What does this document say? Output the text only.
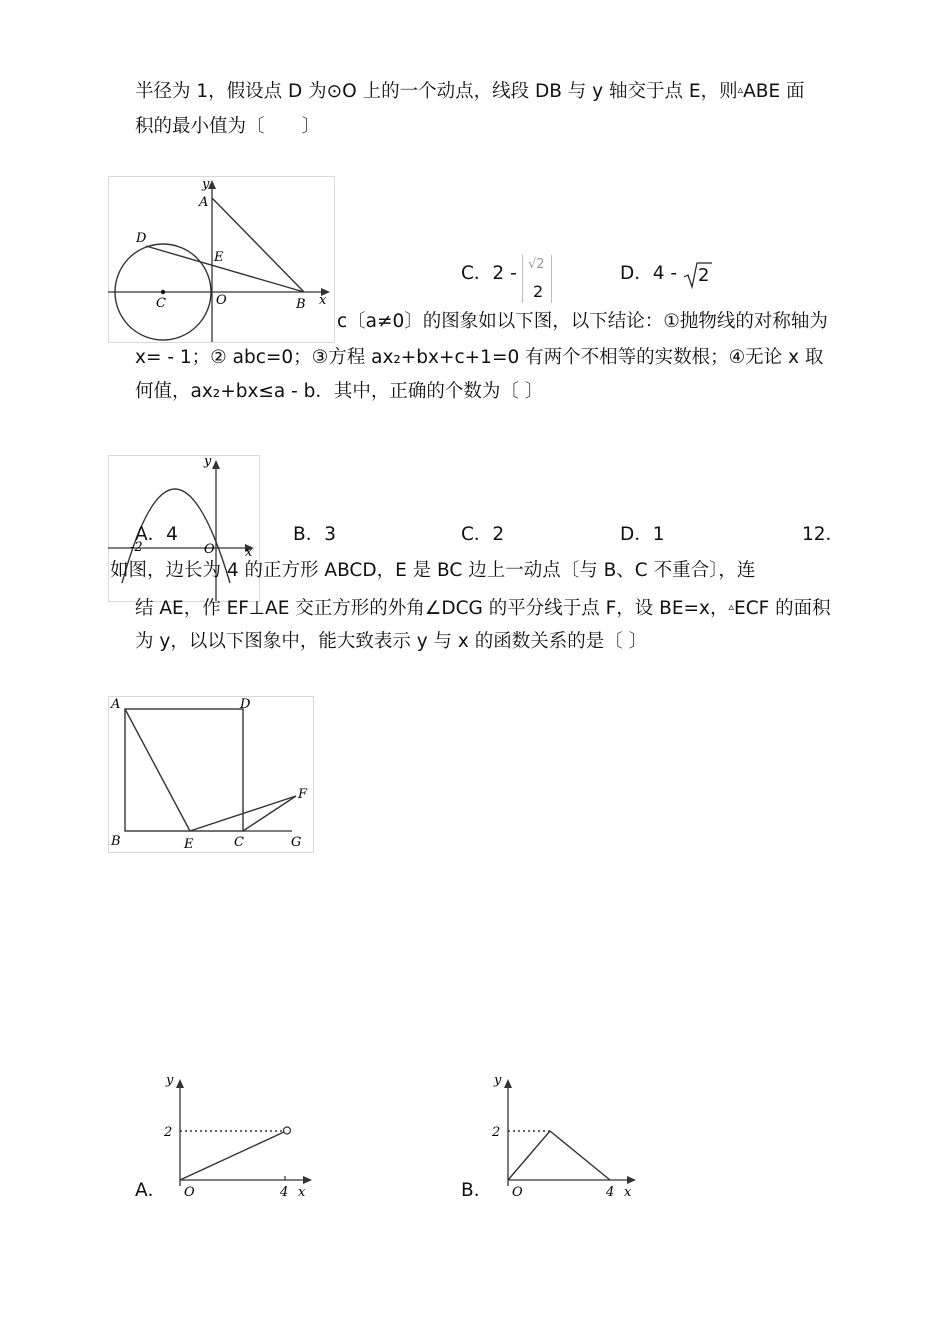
半径为 1，假设点 D 为⊙O 上的一个动点，线段 DB 与 y 轴交于点 E，则▵ABE 面
积的最小值为〔　　〕
y
A
D
E
C	O	B x
C．2 - √2
2
D．4 - 2
c〔a≠0〕的图象如以下图，以下结论：①抛物线的对称轴为
x= - 1；② abc=0；③方程 ax₂+bx+c+1=0 有两个不相等的实数根；④无论 x 取
何值，ax₂+bx≤a - b．其中，正确的个数为〔 〕
y
-2	O x
A．4	B．3	C．2	D．1	12．
如图，边长为 4 的正方形 ABCD，E 是 BC 边上一动点〔与 B、C 不重合〕，连
结 AE，作 EF⊥AE 交正方形的外角∠DCG 的平分线于点 F，设 BE=x，▵ECF 的面积
为 y，以以下图象中，能大致表示 y 与 x 的函数关系的是〔 〕
A	D
B	E	C	G
F
A．
y
2
O	4 x	B．
y
2
O	4 x
